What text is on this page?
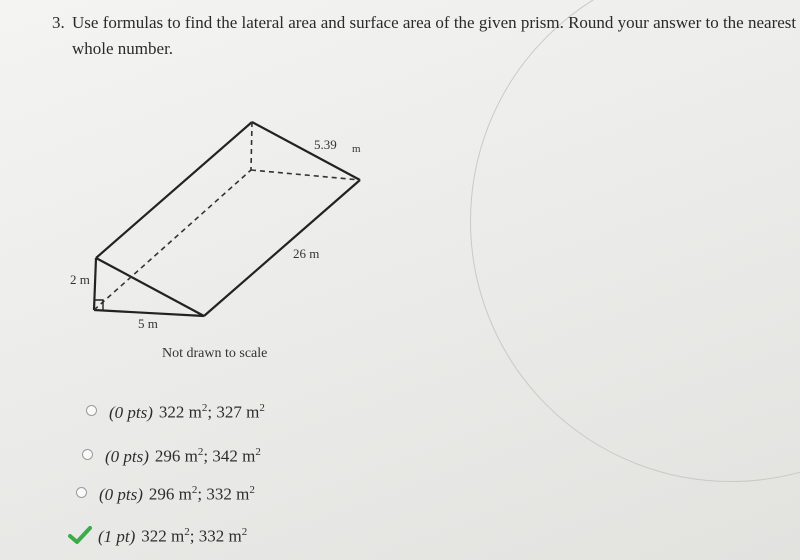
3. Use formulas to find the lateral area and surface area of the given prism. Round your answer to the nearest whole number.
5.39 m
26 m
2 m
5 m
Not drawn to scale
(0 pts) 322 $m^2$; 327 $m^2$
(0 pts) 296 $m^2$; 342 $m^2$
(0 pts) 296 $m^2$; 332 $m^2$
(1 pt) 322 $m^2$; 332 $m^2$
